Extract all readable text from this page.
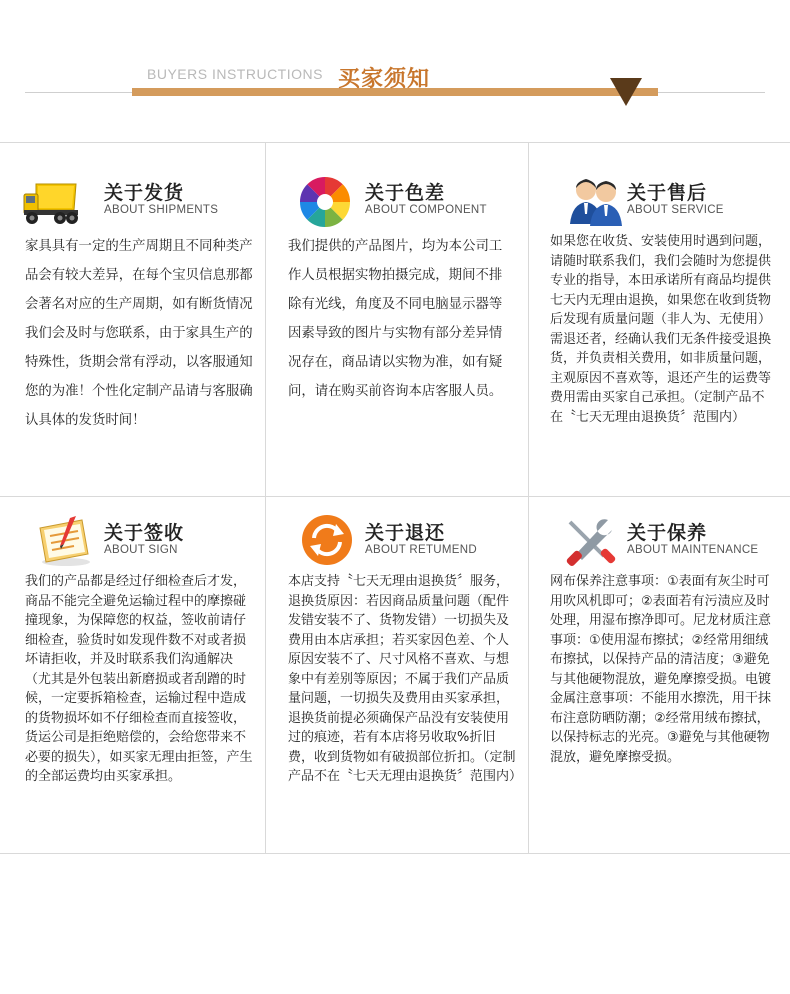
BUYERS INSTRUCTIONS 买家须知
关于发货
ABOUT SHIPMENTS
家具具有一定的生产周期且不同种类产品会有较大差异，在每个宝贝信息那都会著名对应的生产周期，如有断货情况我们会及时与您联系，由于家具生产的特殊性，货期会常有浮动，以客服通知您的为准！个性化定制产品请与客服确认具体的发货时间！
关于色差
ABOUT COMPONENT
我们提供的产品图片，均为本公司工作人员根据实物拍摄完成，期间不排除有光线，角度及不同电脑显示器等因素导致的图片与实物有部分差异情况存在，商品请以实物为准，如有疑问，请在购买前咨询本店客服人员。
关于售后
ABOUT SERVICE
如果您在收货、安装使用时遇到问题，请随时联系我们，我们会随时为您提供专业的指导，本田承诺所有商品均提供七天内无理由退换，如果您在收到货物后发现有质量问题（非人为、无使用）需退还者，经确认我们无条件接受退换货，并负责相关费用，如非质量问题，主观原因不喜欢等，退还产生的运费等费用需由买家自己承担。（定制产品不在〝七天无理由退换货〞范围内）
关于签收
ABOUT SIGN
我们的产品都是经过仔细检查后才发，商品不能完全避免运输过程中的摩擦碰撞现象，为保障您的权益，签收前请仔细检查，验货时如发现件数不对或者损坏请拒收，并及时联系我们沟通解决（尤其是外包装出新磨损或者刮蹭的时候，一定要拆箱检查，运输过程中造成的货物损坏如不仔细检查而直接签收，货运公司是拒绝赔偿的，会给您带来不必要的损失），如买家无理由拒签，产生的全部运费均由买家承担。
关于退还
ABOUT RETUMEND
本店支持〝七天无理由退换货〞服务，退换货原因：若因商品质量问题（配件发错安装不了、货物发错）一切损失及费用由本店承担；若买家因色差、个人原因安装不了、尺寸风格不喜欢、与想象中有差别等原因；不属于我们产品质量问题，一切损失及费用由买家承担，退换货前提必须确保产品没有安装使用过的痕迹，若有本店将另收取%折旧费，收到货物如有破损部位折扣。（定制产品不在〝七天无理由退换货〞范围内）
关于保养
ABOUT MAINTENANCE
网布保养注意事项：①表面有灰尘时可用吹风机即可；②表面若有污渍应及时处理，用湿布擦净即可。尼龙材质注意事项：①使用湿布擦拭；②经常用细绒布擦拭，以保持产品的清洁度；③避免与其他硬物混放，避免摩擦受损。电镀金属注意事项：不能用水擦洗，用干抹布注意防晒防潮；②经常用绒布擦拭，以保持标志的光亮。③避免与其他硬物混放，避免摩擦受损。
